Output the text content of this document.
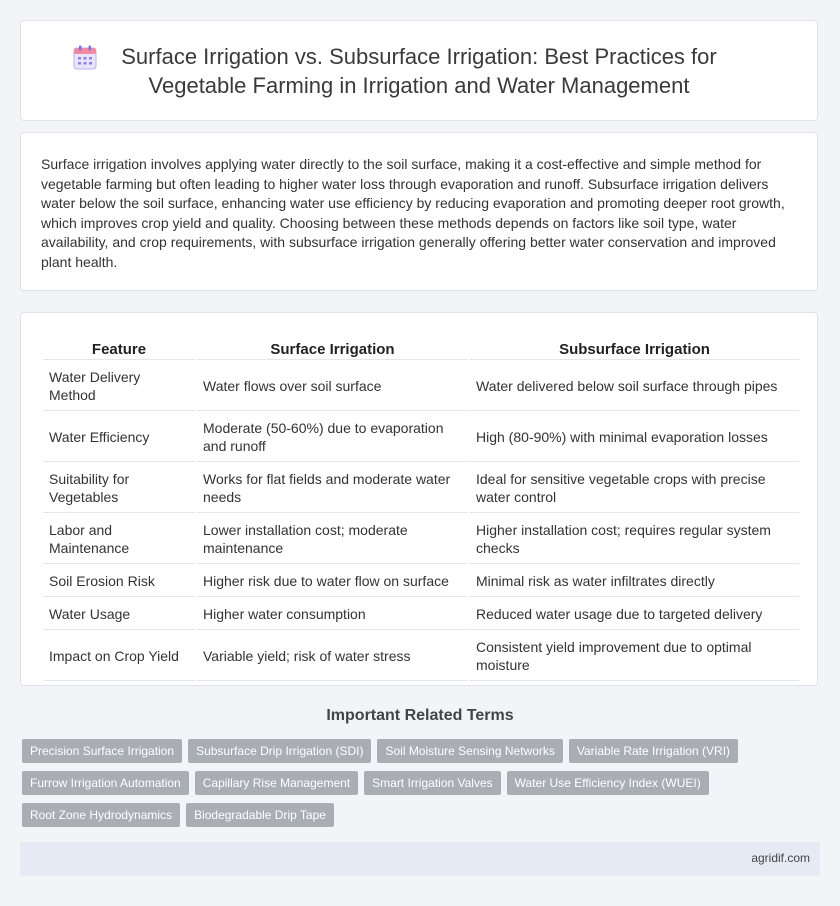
Surface Irrigation vs. Subsurface Irrigation: Best Practices for Vegetable Farming in Irrigation and Water Management

Surface irrigation involves applying water directly to the soil surface, making it a cost-effective and simple method for vegetable farming but often leading to higher water loss through evaporation and runoff. Subsurface irrigation delivers water below the soil surface, enhancing water use efficiency by reducing evaporation and promoting deeper root growth, which improves crop yield and quality. Choosing between these methods depends on factors like soil type, water availability, and crop requirements, with subsurface irrigation generally offering better water conservation and improved plant health.

Feature	Surface Irrigation	Subsurface Irrigation
Water Delivery Method	Water flows over soil surface	Water delivered below soil surface through pipes
Water Efficiency	Moderate (50-60%) due to evaporation and runoff	High (80-90%) with minimal evaporation losses
Suitability for Vegetables	Works for flat fields and moderate water needs	Ideal for sensitive vegetable crops with precise water control
Labor and Maintenance	Lower installation cost; moderate maintenance	Higher installation cost; requires regular system checks
Soil Erosion Risk	Higher risk due to water flow on surface	Minimal risk as water infiltrates directly
Water Usage	Higher water consumption	Reduced water usage due to targeted delivery
Impact on Crop Yield	Variable yield; risk of water stress	Consistent yield improvement due to optimal moisture
Important Related Terms
Precision Surface Irrigation	Subsurface Drip Irrigation (SDI)	Soil Moisture Sensing Networks	Variable Rate Irrigation (VRI)
Furrow Irrigation Automation	Capillary Rise Management	Smart Irrigation Valves	Water Use Efficiency Index (WUEI)
Root Zone Hydrodynamics	Biodegradable Drip Tape
agridif.com
